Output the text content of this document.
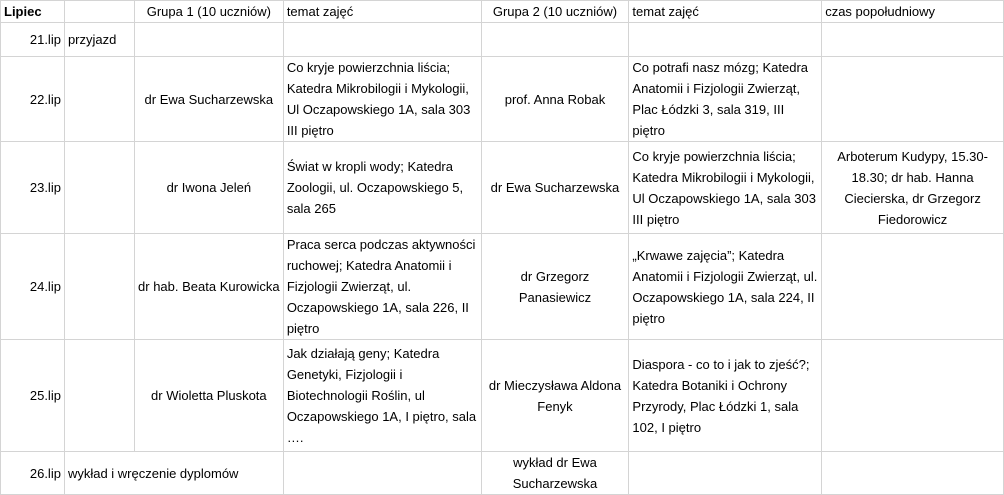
Lipiec		Grupa 1 (10 uczniów)	temat zajęć	Grupa 2 (10 uczniów)	temat zajęć	czas popołudniowy
21.lip	przyjazd					
22.lip		dr Ewa Sucharzewska	Co kryje powierzchnia liścia; Katedra Mikrobilogii i Mykologii, Ul Oczapowskiego 1A, sala 303 III piętro	prof. Anna Robak	Co potrafi nasz mózg; Katedra Anatomii i Fizjologii Zwierząt, Plac Łódzki 3, sala 319, III piętro	
23.lip		dr Iwona Jeleń	Świat w kropli wody; Katedra Zoologii, ul. Oczapowskiego 5, sala 265	dr Ewa Sucharzewska	Co kryje powierzchnia liścia; Katedra Mikrobilogii i Mykologii, Ul Oczapowskiego 1A, sala 303 III piętro	Arboterum Kudypy, 15.30-18.30; dr hab. Hanna Ciecierska, dr Grzegorz Fiedorowicz
24.lip		dr hab. Beata Kurowicka	Praca serca podczas aktywności ruchowej; Katedra Anatomii i Fizjologii Zwierząt, ul. Oczapowskiego 1A, sala 226, II piętro	dr Grzegorz Panasiewicz	„Krwawe zajęcia”; Katedra Anatomii i Fizjologii Zwierząt, ul. Oczapowskiego 1A, sala 224, II piętro	
25.lip		dr Wioletta Pluskota	Jak działają geny; Katedra Genetyki, Fizjologii i Biotechnologii Roślin, ul Oczapowskiego 1A, I piętro, sala ….	dr Mieczysława Aldona Fenyk	Diaspora - co to i jak to zjeść?; Katedra Botaniki i Ochrony Przyrody, Plac Łódzki 1, sala 102, I piętro	
26.lip	wykład i wręczenie dyplomów			wykład dr Ewa Sucharzewska		
